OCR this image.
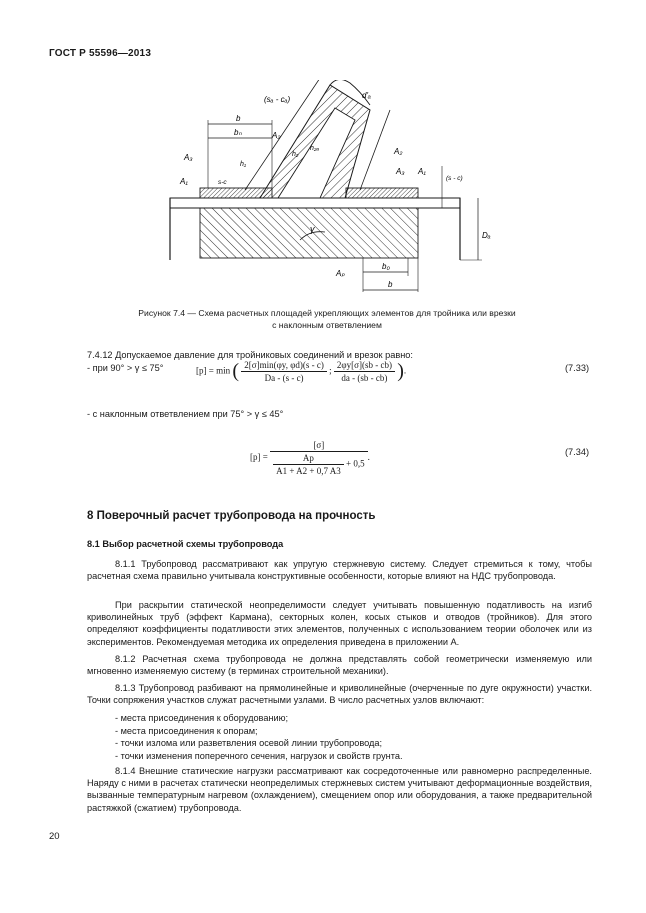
ГОСТ Р 55596—2013
(sₐ - cₐ)	d'ₐ
b
bₙ	A₂
A₂
A₃
A₃
A₁
A₁
h₁
h₂
h₂ₐ
s-c
(s - c)
γ
Aₚ
b₀
b
Dₐ
Рисунок 7.4 — Схема расчетных площадей укрепляющих элементов для тройника или врезки
с наклонным ответвлением
7.4.12 Допускаемое давление для тройниковых соединений и врезок равно:
- при 90° > γ ≤ 75°	[p] = min ( $\frac{2[\sigma]\min(\varphi y, \varphi d)(s - c)}{Da - (s - c)}$ ; $\frac{2\varphi y[\sigma](sb - cb)}{da - (sb - cb)}$ ).	(7.33)
- с наклонным ответвлением при 75° > γ ≤ 45°
$[p] = \frac{[\sigma]}{\frac{Ap}{A1 + A2 + 0,7 A3} + 0,5}$ .
(7.34)
8 Поверочный расчет трубопровода на прочность
8.1 Выбор расчетной схемы трубопровода
8.1.1 Трубопровод рассматривают как упругую стержневую систему. Следует стремиться к тому, чтобы расчетная схема правильно учитывала конструктивные особенности, которые влияют на НДС трубопровода.
При раскрытии статической неопределимости следует учитывать повышенную податливость на изгиб криволинейных труб (эффект Кармана), секторных колен, косых стыков и отводов (тройников). Для этого определяют коэффициенты податливости этих элементов, полученных с использованием теории оболочек или из экспериментов. Рекомендуемая методика их определения приведена в приложении А.
8.1.2 Расчетная схема трубопровода не должна представлять собой геометрически изменяемую или мгновенно изменяемую систему (в терминах строительной механики).
8.1.3 Трубопровод разбивают на прямолинейные и криволинейные (очерченные по дуге окружности) участки. Точки сопряжения участков служат расчетными узлами. В число расчетных узлов включают:
- места присоединения к оборудованию;
- места присоединения к опорам;
- точки излома или разветвления осевой линии трубопровода;
- точки изменения поперечного сечения, нагрузок и свойств грунта.
8.1.4 Внешние статические нагрузки рассматривают как сосредоточенные или равномерно распределенные. Наряду с ними в расчетах статически неопределимых стержневых систем учитывают деформационные воздействия, вызванные температурным нагревом (охлаждением), смещением опор или оборудования, а также предварительной растяжкой (сжатием) трубопровода.
20
